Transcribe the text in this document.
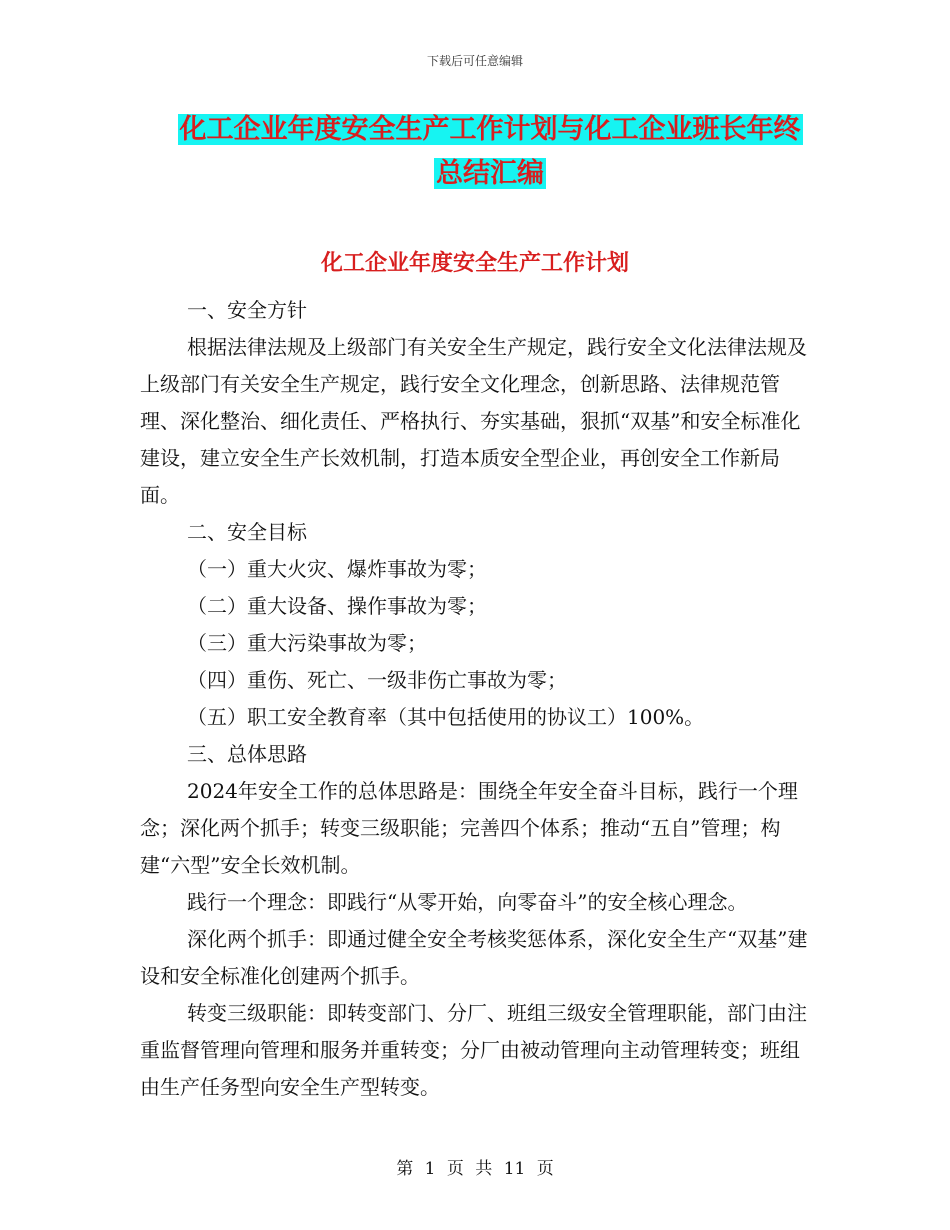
下载后可任意编辑
化工企业年度安全生产工作计划与化工企业班长年终
总结汇编
化工企业年度安全生产工作计划

一、安全方针

根据法律法规及上级部门有关安全生产规定，践行安全文化法律法规及上级部门有关安全生产规定，践行安全文化理念，创新思路、法律规范管理、深化整治、细化责任、严格执行、夯实基础，狠抓“双基”和安全标准化建设，建立安全生产长效机制，打造本质安全型企业，再创安全工作新局面。

二、安全目标

（一）重大火灾、爆炸事故为零；

（二）重大设备、操作事故为零；

（三）重大污染事故为零；

（四）重伤、死亡、一级非伤亡事故为零；

（五）职工安全教育率（其中包括使用的协议工）100%。

三、总体思路

2024年安全工作的总体思路是：围绕全年安全奋斗目标，践行一个理念；深化两个抓手；转变三级职能；完善四个体系；推动“五自”管理；构建“六型”安全长效机制。

践行一个理念：即践行“从零开始，向零奋斗”的安全核心理念。

深化两个抓手：即通过健全安全考核奖惩体系，深化安全生产“双基”建设和安全标准化创建两个抓手。

转变三级职能：即转变部门、分厂、班组三级安全管理职能，部门由注重监督管理向管理和服务并重转变；分厂由被动管理向主动管理转变；班组由生产任务型向安全生产型转变。

第 1 页 共 11 页
